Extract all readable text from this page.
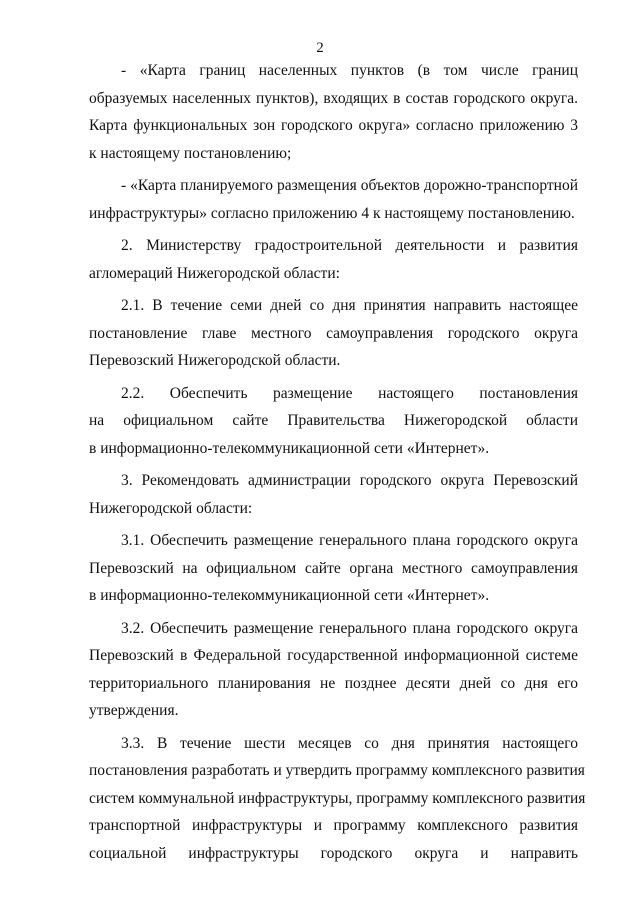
2
- «Карта границ населенных пунктов (в том числе границ
образуемых населенных пунктов), входящих в состав городского округа.
Карта функциональных зон городского округа» согласно приложению 3
к настоящему постановлению;
- «Карта планируемого размещения объектов дорожно-транспортной
инфраструктуры» согласно приложению 4 к настоящему постановлению.
2. Министерству градостроительной деятельности и развития
агломераций Нижегородской области:
2.1. В течение семи дней со дня принятия направить настоящее
постановление главе местного самоуправления городского округа
Перевозский Нижегородской области.
2.2. Обеспечить размещение настоящего постановления
на официальном сайте Правительства Нижегородской области
в информационно-телекоммуникационной сети «Интернет».
3. Рекомендовать администрации городского округа Перевозский
Нижегородской области:
3.1. Обеспечить размещение генерального плана городского округа
Перевозский на официальном сайте органа местного самоуправления
в информационно-телекоммуникационной сети «Интернет».
3.2. Обеспечить размещение генерального плана городского округа
Перевозский в Федеральной государственной информационной системе
территориального планирования не позднее десяти дней со дня его
утверждения.
3.3. В течение шести месяцев со дня принятия настоящего
постановления разработать и утвердить программу комплексного развития
систем коммунальной инфраструктуры, программу комплексного развития
транспортной инфраструктуры и программу комплексного развития
социальной инфраструктуры городского округа и направить
